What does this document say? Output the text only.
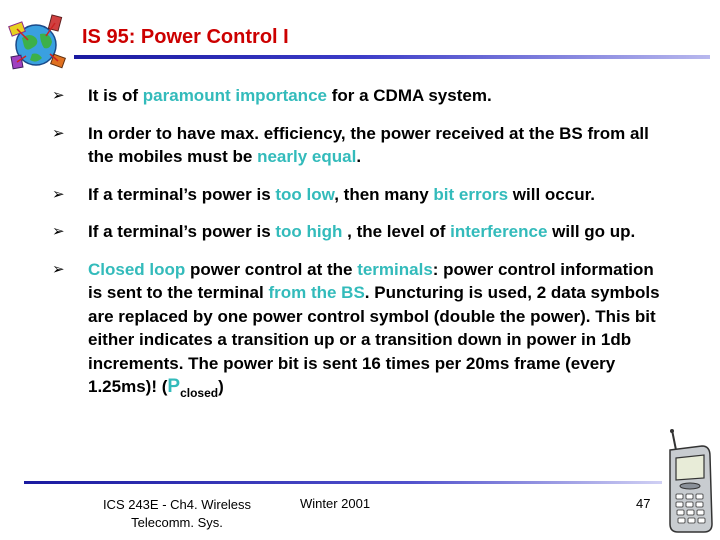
IS 95: Power Control I
➢ It is of paramount importance for a CDMA system.
➢ In order to have max. efficiency, the power received at the BS from all the mobiles must be nearly equal.
➢ If a terminal’s power is too low, then many bit errors will occur.
➢ If a terminal’s power is too high , the level of interference will go up.
➢ Closed loop power control at the terminals: power control information is sent to the terminal from the BS. Puncturing is used, 2 data symbols are replaced by one power control symbol (double the power). This bit either indicates a transition up or a transition down in power in 1db increments. The power bit is sent 16 times per 20ms frame (every 1.25ms)! $(P_{closed})$
ICS 243E - Ch4. Wireless
Telecomm. Sys.
Winter 2001	47
